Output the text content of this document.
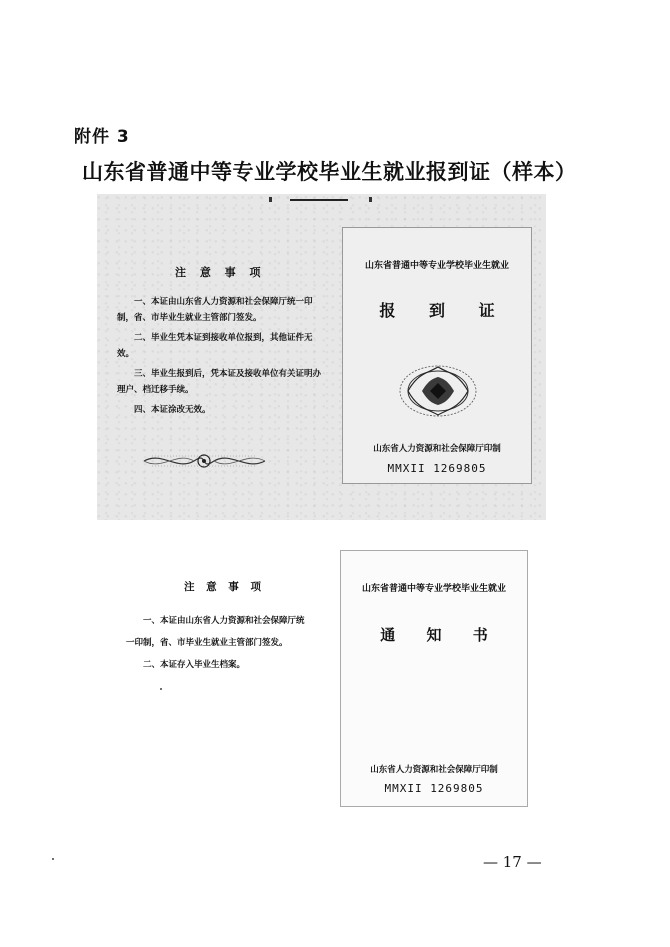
附件 3
山东省普通中等专业学校毕业生就业报到证（样本）
注 意 事 项

一、本证由山东省人力资源和社会保障厅统一印制，省、市毕业生就业主管部门签发。

二、毕业生凭本证到接收单位报到，其他证件无效。

三、毕业生报到后，凭本证及接收单位有关证明办理户、档迁移手续。

四、本证涂改无效。

山东省普通中等专业学校毕业生就业
报 到 证
山东省人力资源和社会保障厅印制
MMXII 1269805
注 意 事 项

一、本证由山东省人力资源和社会保障厅统一印制，省、市毕业生就业主管部门签发。

二、本证存入毕业生档案。

山东省普通中等专业学校毕业生就业
通 知 书
山东省人力资源和社会保障厅印制
MMXII 1269805
— 17 —
